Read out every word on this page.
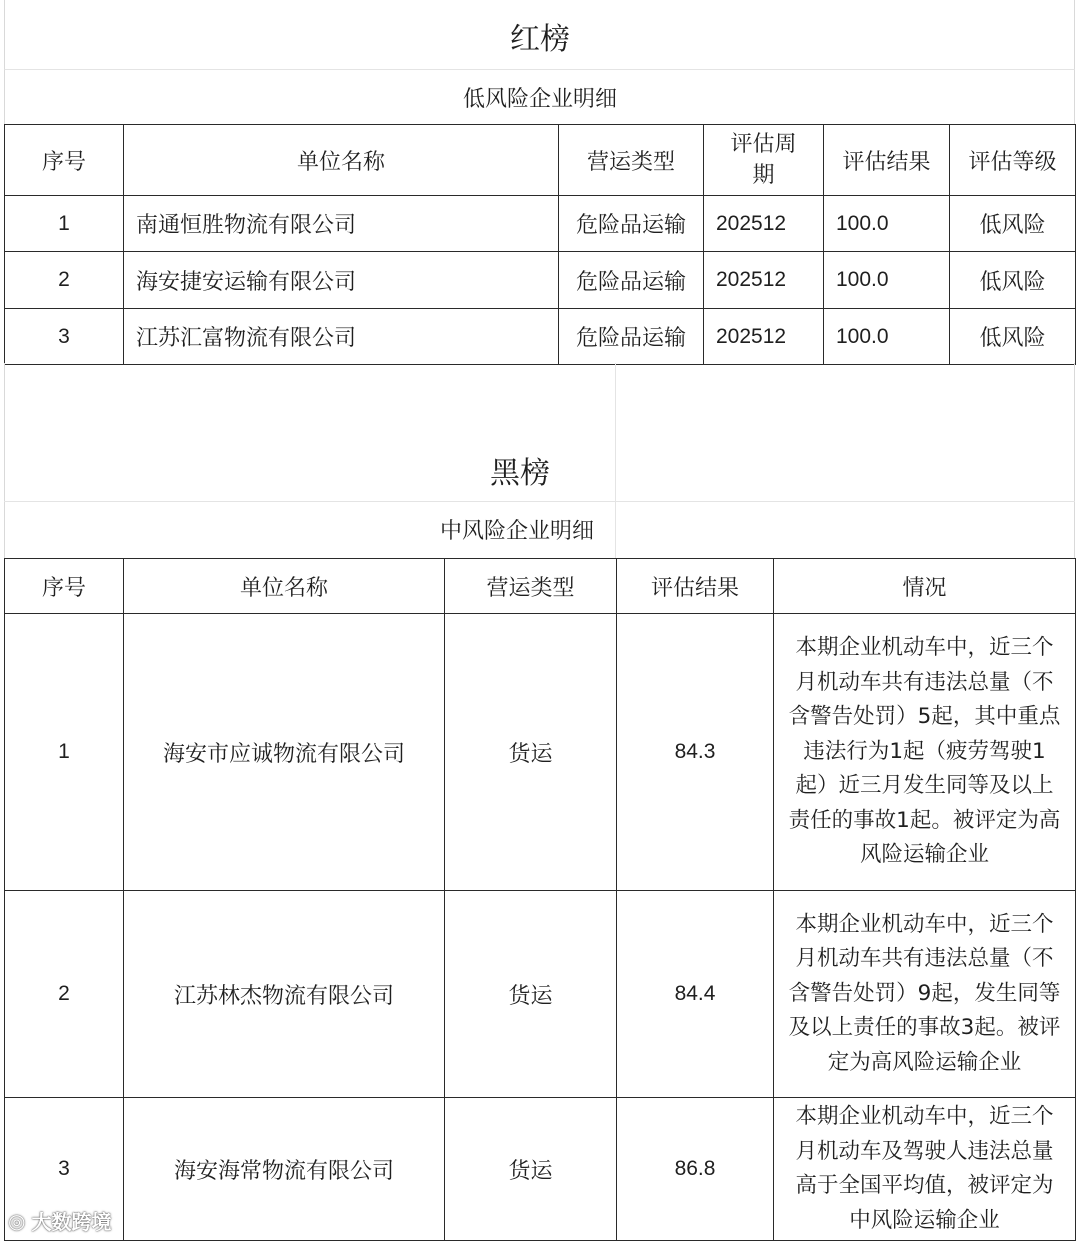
红榜
低风险企业明细
序号	单位名称	营运类型	评估周期	评估结果	评估等级
1	南通恒胜物流有限公司	危险品运输	202512	100.0	低风险
2	海安捷安运输有限公司	危险品运输	202512	100.0	低风险
3	江苏汇富物流有限公司	危险品运输	202512	100.0	低风险
黑榜
中风险企业明细
序号	单位名称	营运类型	评估结果	情况
1	海安市应诚物流有限公司	货运	84.3	本期企业机动车中，近三个月机动车共有违法总量（不含警告处罚）5起，其中重点违法行为1起（疲劳驾驶1起）近三月发生同等及以上责任的事故1起。被评定为高风险运输企业
2	江苏林杰物流有限公司	货运	84.4	本期企业机动车中，近三个月机动车共有违法总量（不含警告处罚）9起，发生同等及以上责任的事故3起。被评定为高风险运输企业
3	海安海常物流有限公司	货运	86.8	本期企业机动车中，近三个月机动车及驾驶人违法总量高于全国平均值，被评定为中风险运输企业
◎ 大数跨境
